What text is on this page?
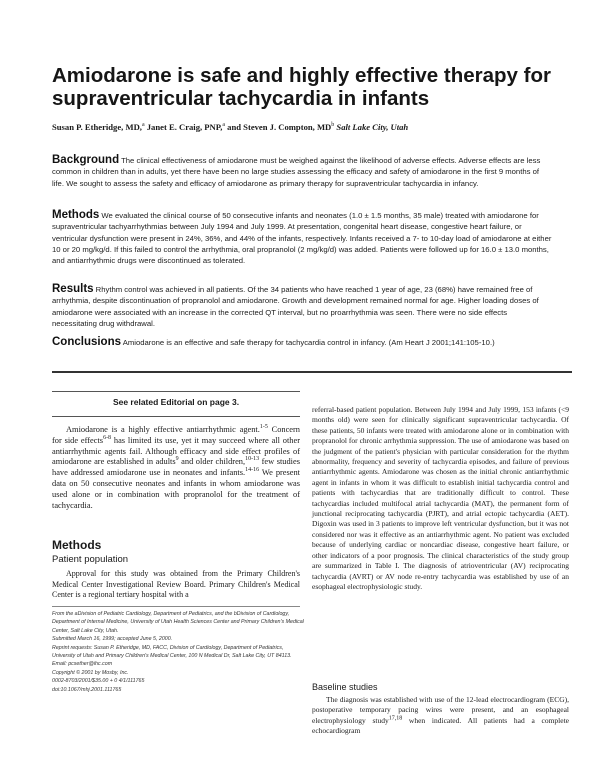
Amiodarone is safe and highly effective therapy for supraventricular tachycardia in infants
Susan P. Etheridge, MD,$^a$ Janet E. Craig, PNP,$^a$ and Steven J. Compton, $MD^b$ Salt Lake City, Utah
Background The clinical effectiveness of amiodarone must be weighed against the likelihood of adverse effects. Adverse effects are less common in children than in adults, yet there have been no large studies assessing the efficacy and safety of amiodarone in the first 9 months of life. We sought to assess the safety and efficacy of amiodarone as primary therapy for supraventricular tachycardia in infancy.
Methods We evaluated the clinical course of 50 consecutive infants and neonates (1.0 ± 1.5 months, 35 male) treated with amiodarone for supraventricular tachyarrhythmias between July 1994 and July 1999. At presentation, congenital heart disease, congestive heart failure, or ventricular dysfunction were present in 24%, 36%, and 44% of the infants, respectively. Infants received a 7- to 10-day load of amiodarone at either 10 or 20 mg/kg/d. If this failed to control the arrhythmia, oral propranolol (2 mg/kg/d) was added. Patients were followed up for 16.0 ± 13.0 months, and antiarrhythmic drugs were discontinued as tolerated.
Results Rhythm control was achieved in all patients. Of the 34 patients who have reached 1 year of age, 23 (68%) have remained free of arrhythmia, despite discontinuation of propranolol and amiodarone. Growth and development remained normal for age. Higher loading doses of amiodarone were associated with an increase in the corrected QT interval, but no proarrhythmia was seen. There were no side effects necessitating drug withdrawal.
Conclusions Amiodarone is an effective and safe therapy for tachycardia control in infancy. (Am Heart J 2001;141:105-10.)
See related Editorial on page 3.

Amiodarone is a highly effective antiarrhythmic agent.$^{1-5}$ Concern for side effects$^{6-8}$ has limited its use, yet it may succeed where all other antiarrhythmic agents fail. Although efficacy and side effect profiles of amiodarone are established in adults$^9$ and older children,$^{10-13}$ few studies have addressed amiodarone use in neonates and infants.$^{14-16}$ We present data on 50 consecutive neonates and infants in whom amiodarone was used alone or in combination with propranolol for the treatment of tachycardia.

Methods
Patient population

Approval for this study was obtained from the Primary Children's Medical Center Investigational Review Board. Primary Children's Medical Center is a regional tertiary hospital with a

From the aDivision of Pediatric Cardiology, Department of Pediatrics, and the bDivision of Cardiology, Department of Internal Medicine, University of Utah Health Sciences Center and Primary Children's Medical Center, Salt Lake City, Utah.
Submitted March 16, 1999; accepted June 5, 2000.
Reprint requests: Susan P. Etheridge, MD, FACC, Division of Cardiology, Department of Pediatrics, University of Utah and Primary Children's Medical Center, 100 N Medical Dr, Salt Lake City, UT 84113.
Email: pcsether@ihc.com
Copyright © 2001 by Mosby, Inc.
0002-8703/2001/$35.00 + 0 4/1/111765
doi:10.1067/mhj.2001.111765

referral-based patient population. Between July 1994 and July 1999, 153 infants (<9 months old) were seen for clinically significant supraventricular tachycardia. Of these patients, 50 infants were treated with amiodarone alone or in combination with propranolol for chronic arrhythmia suppression. The use of amiodarone was based on the judgment of the patient's physician with particular consideration for the rhythm abnormality, frequency and severity of tachycardia episodes, and failure of previous antiarrhythmic agents. Amiodarone was chosen as the initial chronic antiarrhythmic agent in infants in whom it was difficult to establish initial tachycardia control and patients with tachycardias that are traditionally difficult to control. These tachycardias included multifocal atrial tachycardia (MAT), the permanent form of junctional reciprocating tachycardia (PJRT), and atrial ectopic tachycardia (AET). Digoxin was used in 3 patients to improve left ventricular dysfunction, but it was not considered nor was it effective as an antiarrhythmic agent. No patient was excluded because of underlying cardiac or noncardiac disease, congestive heart failure, or other indicators of a poor prognosis. The clinical characteristics of the study group are summarized in Table I. The diagnosis of atrioventricular (AV) reciprocating tachycardia (AVRT) or AV node re-entry tachycardia was established by use of an esophageal electrophysiologic study.

Baseline studies

The diagnosis was established with use of the 12-lead electrocardiogram (ECG), postoperative temporary pacing wires were present, and an esophageal electrophysiology study$^{17,18}$ when indicated. All patients had a complete echocardiogram
